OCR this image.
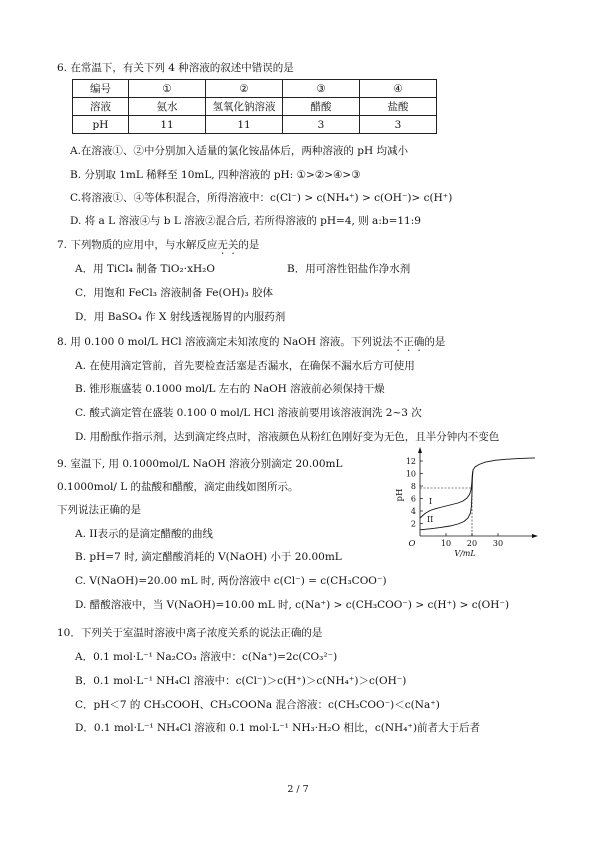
6. 在常温下，有关下列 4 种溶液的叙述中错误的是
编号	①	②	③	④
溶液	氨水	氢氧化钠溶液	醋酸	盐酸
pH	11	11	3	3
A.在溶液①、②中分别加入适量的氯化铵晶体后，两种溶液的 pH 均减小
B. 分别取 1mL 稀释至 10mL, 四种溶液的 pH: ①>②>④>③
C.将溶液①、④等体积混合，所得溶液中：c(Cl⁻) > c(NH₄⁺) > c(OH⁻)> c(H⁺)
D. 将 a L 溶液④与 b L 溶液②混合后, 若所得溶液的 pH=4, 则 a:b=11:9
7. 下列物质的应用中，与水解反应无关的是
A．用 TiCl₄ 制备 TiO₂·xH₂O	B．用可溶性铝盐作净水剂
C．用饱和 FeCl₃ 溶液制备 Fe(OH)₃ 胶体
D．用 BaSO₄ 作 X 射线透视肠胃的内服药剂
8. 用 0.100 0 mol/L HCl 溶液滴定未知浓度的 NaOH 溶液。下列说法不正确的是
A. 在使用滴定管前，首先要检查活塞是否漏水，在确保不漏水后方可使用
B. 锥形瓶盛装 0.1000 mol/L 左右的 NaOH 溶液前必须保持干燥
C. 酸式滴定管在盛装 0.100 0 mol/L HCl 溶液前要用该溶液润洗 2~3 次
D. 用酚酞作指示剂，达到滴定终点时，溶液颜色从粉红色刚好变为无色，且半分钟内不变色
9. 室温下, 用 0.1000mol/L NaOH 溶液分别滴定 20.00mL
0.1000mol/ L 的盐酸和醋酸，滴定曲线如图所示。
下列说法正确的是
A. II表示的是滴定醋酸的曲线
B. pH=7 时, 滴定醋酸消耗的 V(NaOH) 小于 20.00mL
C. V(NaOH)=20.00 mL 时, 两份溶液中 c(Cl⁻) = c(CH₃COO⁻)
D. 醋酸溶液中，当 V(NaOH)=10.00 mL 时, c(Na⁺) > c(CH₃COO⁻) > c(H⁺) > c(OH⁻)
12
10
8
6
4
2
pH
O	10 20 30
V/mL
I
II
10．下列关于室温时溶液中离子浓度关系的说法正确的是
A．0.1 mol·L⁻¹ Na₂CO₃ 溶液中：c(Na⁺)=2c(CO₃²⁻)
B．0.1 mol·L⁻¹ NH₄Cl 溶液中：c(Cl⁻)＞c(H⁺)＞c(NH₄⁺)＞c(OH⁻)
C．pH＜7 的 CH₃COOH、CH₃COONa 混合溶液：c(CH₃COO⁻)＜c(Na⁺)
D．0.1 mol·L⁻¹ NH₄Cl 溶液和 0.1 mol·L⁻¹ NH₃·H₂O 相比，c(NH₄⁺)前者大于后者
2 / 7
